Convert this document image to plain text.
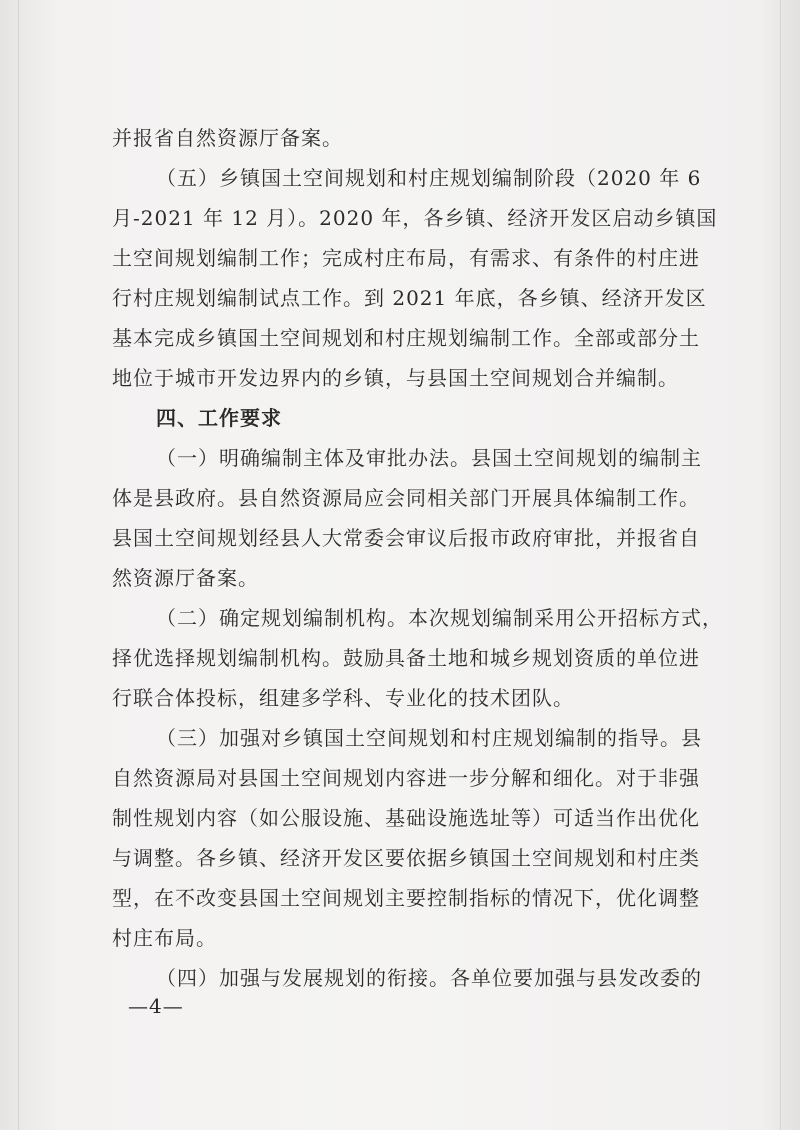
并报省自然资源厅备案。
（五）乡镇国土空间规划和村庄规划编制阶段（2020 年 6
月-2021 年 12 月）。2020 年，各乡镇、经济开发区启动乡镇国
土空间规划编制工作；完成村庄布局，有需求、有条件的村庄进
行村庄规划编制试点工作。到 2021 年底，各乡镇、经济开发区
基本完成乡镇国土空间规划和村庄规划编制工作。全部或部分土
地位于城市开发边界内的乡镇，与县国土空间规划合并编制。
四、工作要求
（一）明确编制主体及审批办法。县国土空间规划的编制主
体是县政府。县自然资源局应会同相关部门开展具体编制工作。
县国土空间规划经县人大常委会审议后报市政府审批，并报省自
然资源厅备案。
（二）确定规划编制机构。本次规划编制采用公开招标方式，
择优选择规划编制机构。鼓励具备土地和城乡规划资质的单位进
行联合体投标，组建多学科、专业化的技术团队。
（三）加强对乡镇国土空间规划和村庄规划编制的指导。县
自然资源局对县国土空间规划内容进一步分解和细化。对于非强
制性规划内容（如公服设施、基础设施选址等）可适当作出优化
与调整。各乡镇、经济开发区要依据乡镇国土空间规划和村庄类
型，在不改变县国土空间规划主要控制指标的情况下，优化调整
村庄布局。
（四）加强与发展规划的衔接。各单位要加强与县发改委的
—4—
